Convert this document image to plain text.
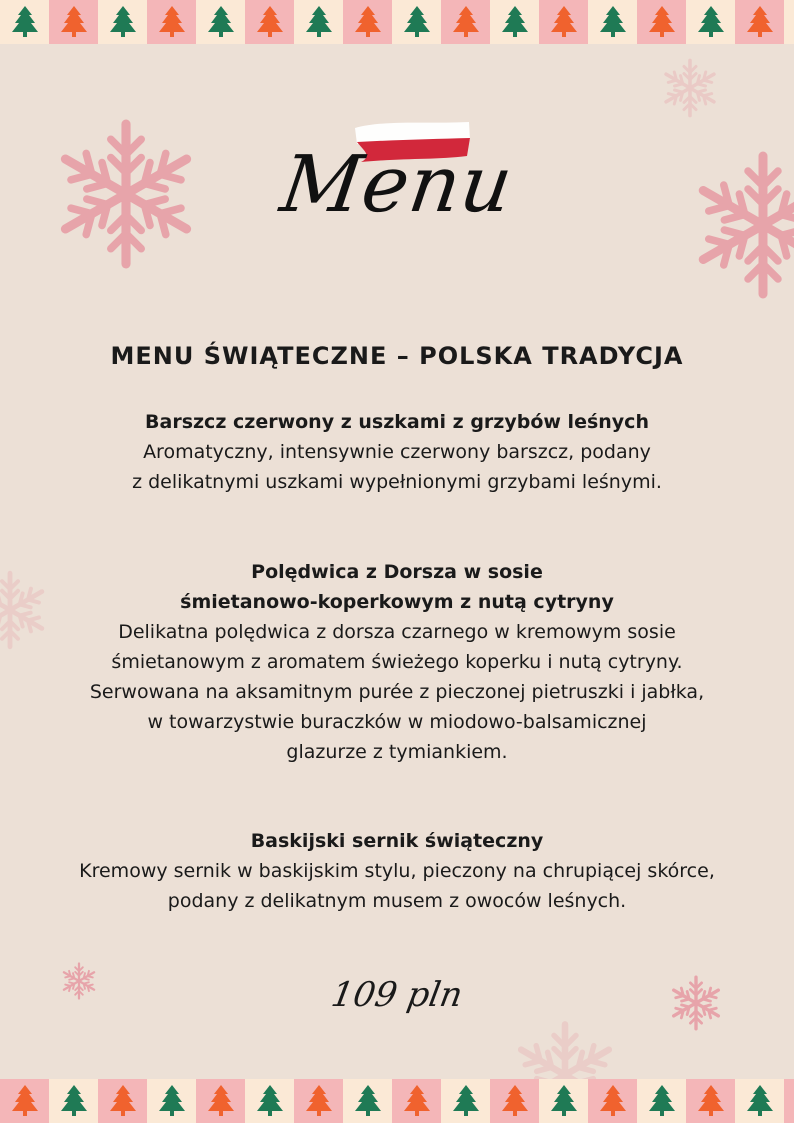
Menu
MENU ŚWIĄTECZNE – POLSKA TRADYCJA
Barszcz czerwony z uszkami z grzybów leśnych
Aromatyczny, intensywnie czerwony barszcz, podany
z delikatnymi uszkami wypełnionymi grzybami leśnymi.
Polędwica z Dorsza w sosie
śmietanowo-koperkowym z nutą cytryny
Delikatna polędwica z dorsza czarnego w kremowym sosie
śmietanowym z aromatem świeżego koperku i nutą cytryny.
Serwowana na aksamitnym purée z pieczonej pietruszki i jabłka,
w towarzystwie buraczków w miodowo-balsamicznej
glazurze z tymiankiem.
Baskijski sernik świąteczny
Kremowy sernik w baskijskim stylu, pieczony na chrupiącej skórce,
podany z delikatnym musem z owoców leśnych.
109 pln
